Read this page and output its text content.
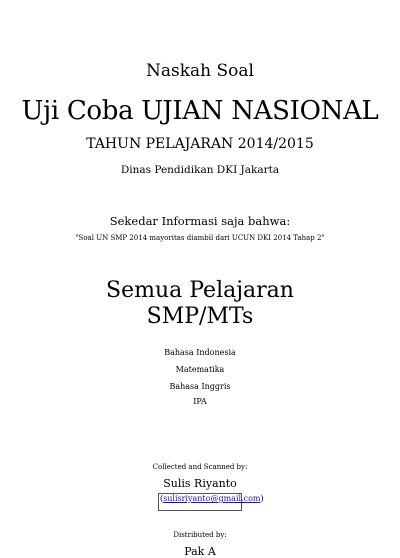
Naskah Soal
Uji Coba UJIAN NASIONAL
TAHUN PELAJARAN 2014/2015
Dinas Pendidikan DKI Jakarta
Sekedar Informasi saja bahwa:
"Soal UN SMP 2014 mayoritas diambil dari UCUN DKI 2014 Tahap 2"
Semua Pelajaran
SMP/MTs
Bahasa Indonesia
Matematika
Bahasa Inggris
IPA
Collected and Scanned by:
Sulis Riyanto
(sulisriyanto@gmail.com)
Distributed by:
Pak A
